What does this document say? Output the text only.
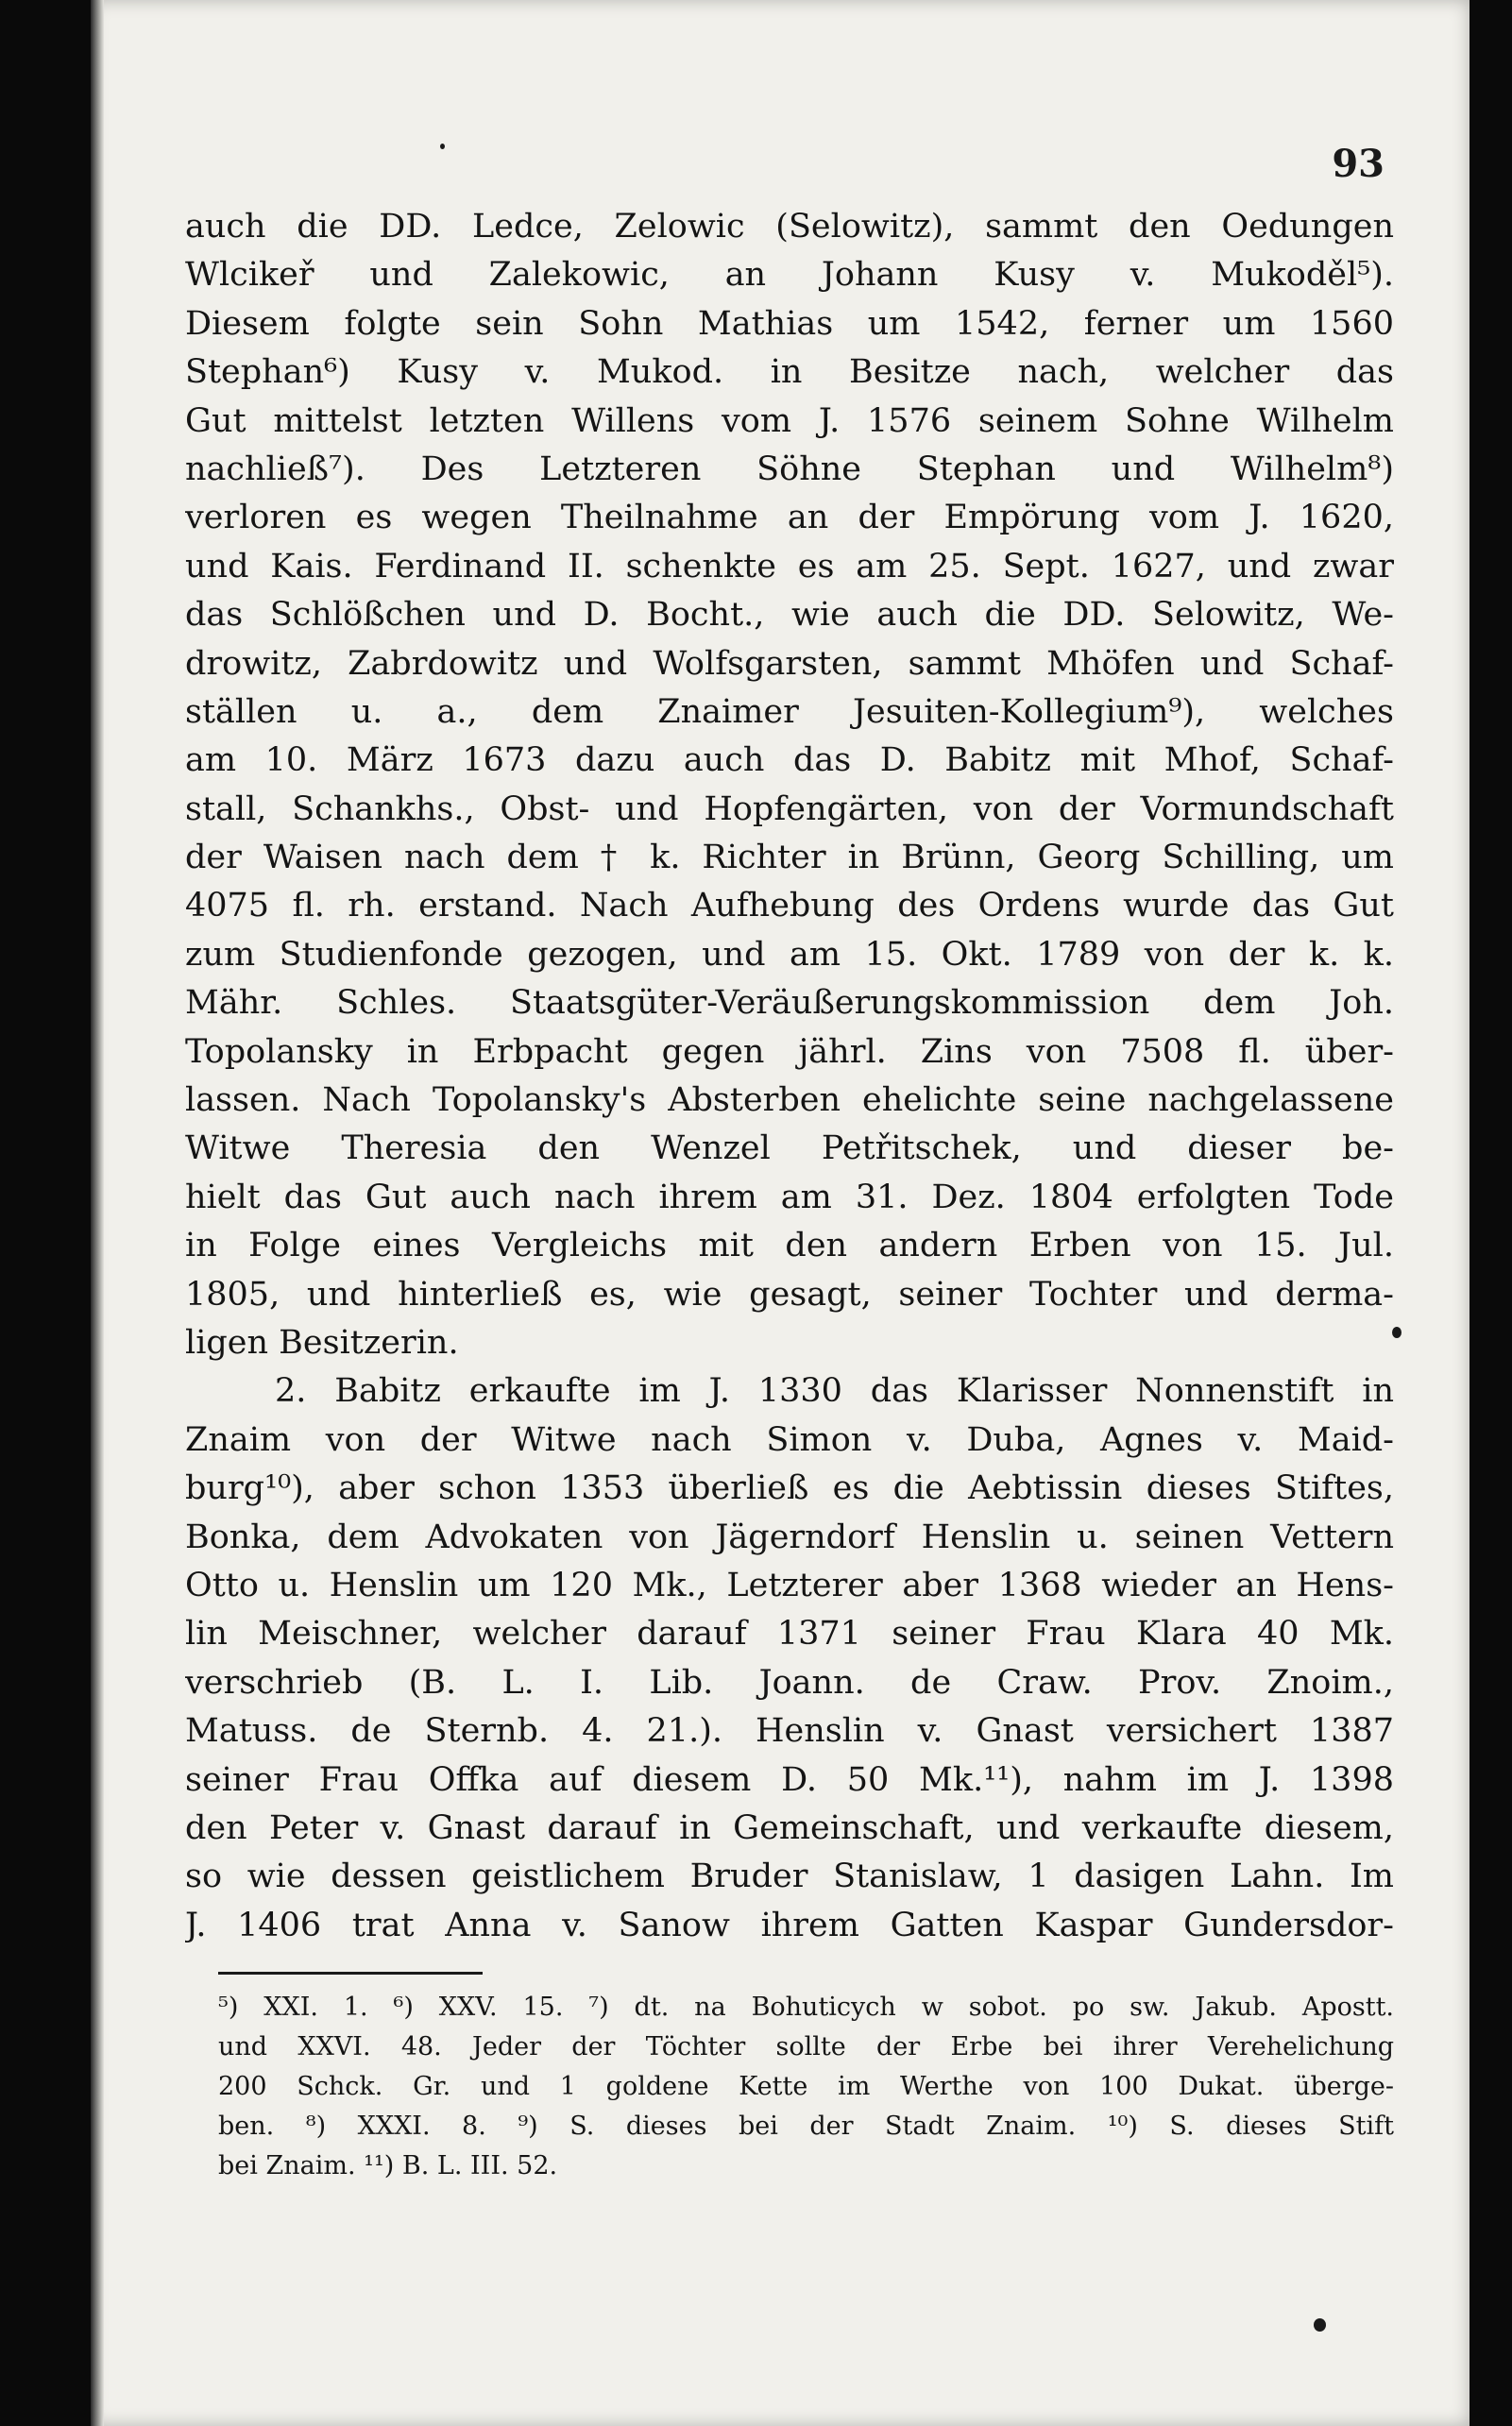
93
auch die DD. Ledce, Zelowic (Selowitz), sammt den Oedungen
Wlcikeř und Zalekowic, an Johann Kusy v. Mukoděl⁵).
Diesem folgte sein Sohn Mathias um 1542, ferner um 1560
Stephan⁶) Kusy v. Mukod. in Besitze nach, welcher das
Gut mittelst letzten Willens vom J. 1576 seinem Sohne Wilhelm
nachließ⁷). Des Letzteren Söhne Stephan und Wilhelm⁸)
verloren es wegen Theilnahme an der Empörung vom J. 1620,
und Kais. Ferdinand II. schenkte es am 25. Sept. 1627, und zwar
das Schlößchen und D. Bocht., wie auch die DD. Selowitz, We-
drowitz, Zabrdowitz und Wolfsgarsten, sammt Mhöfen und Schaf-
ställen u. a., dem Znaimer Jesuiten-Kollegium⁹), welches
am 10. März 1673 dazu auch das D. Babitz mit Mhof, Schaf-
stall, Schankhs., Obst- und Hopfengärten, von der Vormundschaft
der Waisen nach dem † k. Richter in Brünn, Georg Schilling, um
4075 fl. rh. erstand. Nach Aufhebung des Ordens wurde das Gut
zum Studienfonde gezogen, und am 15. Okt. 1789 von der k. k.
Mähr. Schles. Staatsgüter-Veräußerungskommission dem Joh.
Topolansky in Erbpacht gegen jährl. Zins von 7508 fl. über-
lassen. Nach Topolansky's Absterben ehelichte seine nachgelassene
Witwe Theresia den Wenzel Petřitschek, und dieser be-
hielt das Gut auch nach ihrem am 31. Dez. 1804 erfolgten Tode
in Folge eines Vergleichs mit den andern Erben von 15. Jul.
1805, und hinterließ es, wie gesagt, seiner Tochter und derma-
ligen Besitzerin.
2. Babitz erkaufte im J. 1330 das Klarisser Nonnenstift in
Znaim von der Witwe nach Simon v. Duba, Agnes v. Maid-
burg¹⁰), aber schon 1353 überließ es die Aebtissin dieses Stiftes,
Bonka, dem Advokaten von Jägerndorf Henslin u. seinen Vettern
Otto u. Henslin um 120 Mk., Letzterer aber 1368 wieder an Hens-
lin Meischner, welcher darauf 1371 seiner Frau Klara 40 Mk.
verschrieb (B. L. I. Lib. Joann. de Craw. Prov. Znoim.,
Matuss. de Sternb. 4. 21.). Henslin v. Gnast versichert 1387
seiner Frau Offka auf diesem D. 50 Mk.¹¹), nahm im J. 1398
den Peter v. Gnast darauf in Gemeinschaft, und verkaufte diesem,
so wie dessen geistlichem Bruder Stanislaw, 1 dasigen Lahn. Im
J. 1406 trat Anna v. Sanow ihrem Gatten Kaspar Gundersdor-
⁵) XXI. 1. ⁶) XXV. 15. ⁷) dt. na Bohuticych w sobot. po sw. Jakub. Apostt.
und XXVI. 48. Jeder der Töchter sollte der Erbe bei ihrer Verehelichung
200 Schck. Gr. und 1 goldene Kette im Werthe von 100 Dukat. überge-
ben. ⁸) XXXI. 8. ⁹) S. dieses bei der Stadt Znaim. ¹⁰) S. dieses Stift
bei Znaim. ¹¹) B. L. III. 52.
